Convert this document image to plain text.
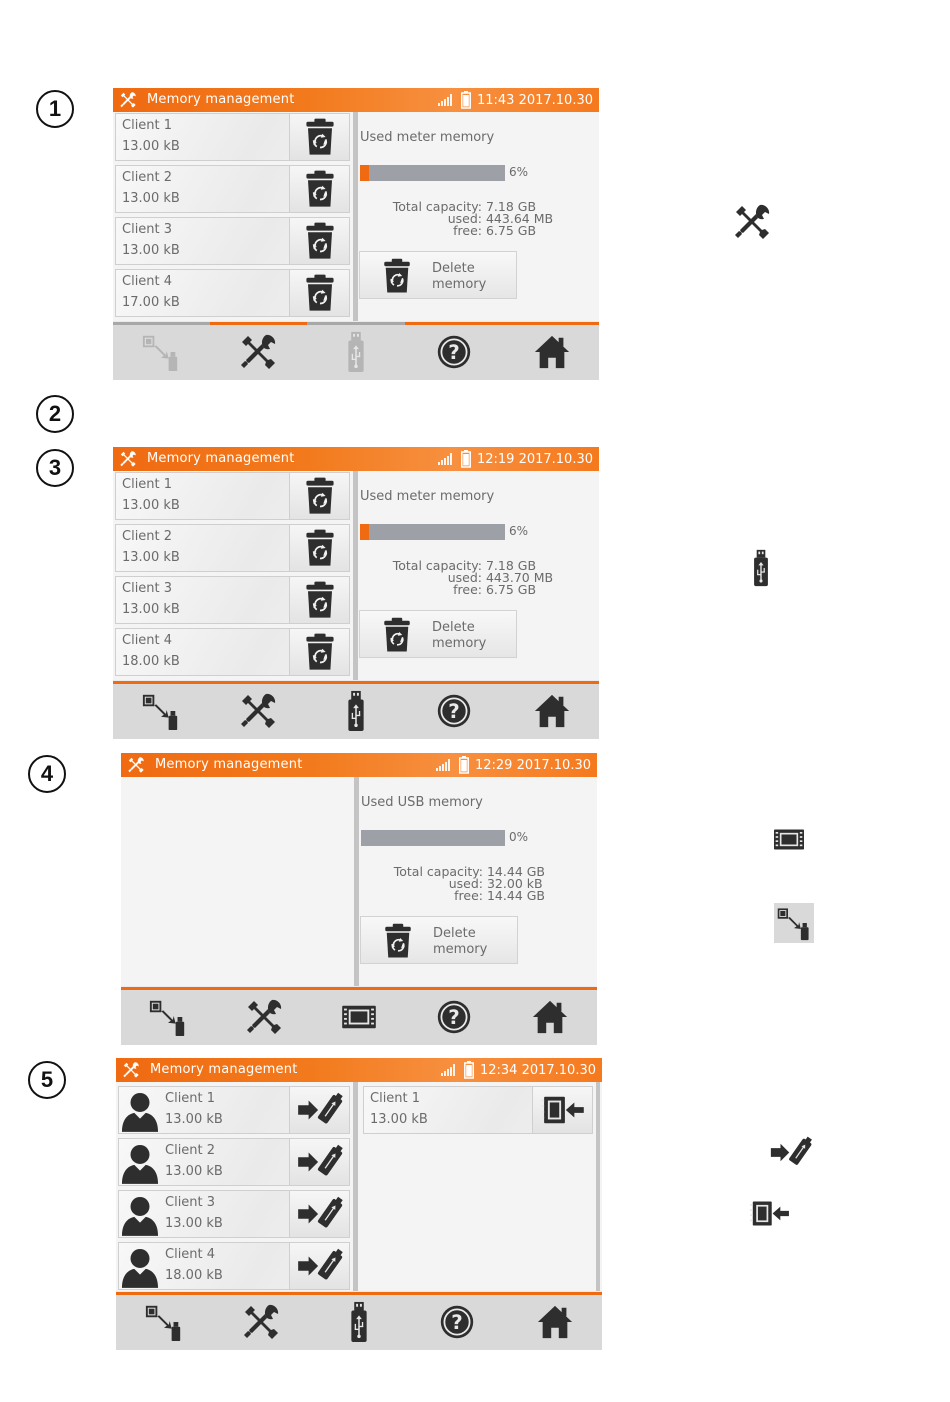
1
2
3
4
5
Memory management	11:43 2017.10.30
Client 1
13.00 kB
Client 2
13.00 kB
Client 3
13.00 kB
Client 4
17.00 kB
Used meter memory
6%
Total capacity: 7.18 GB
used: 443.64 MB
free: 6.75 GB
Delete
memory
Memory management	12:19 2017.10.30
Client 1
13.00 kB
Client 2
13.00 kB
Client 3
13.00 kB
Client 4
18.00 kB
Used meter memory
6%
Total capacity: 7.18 GB
used: 443.70 MB
free: 6.75 GB
Delete
memory
Memory management	12:29 2017.10.30
Used USB memory
0%
Total capacity: 14.44 GB
used: 32.00 kB
free: 14.44 GB
Delete
memory
Memory management	12:34 2017.10.30
Client 1
13.00 kB
Client 2
13.00 kB
Client 3
13.00 kB
Client 4
18.00 kB
Client 1
13.00 kB
